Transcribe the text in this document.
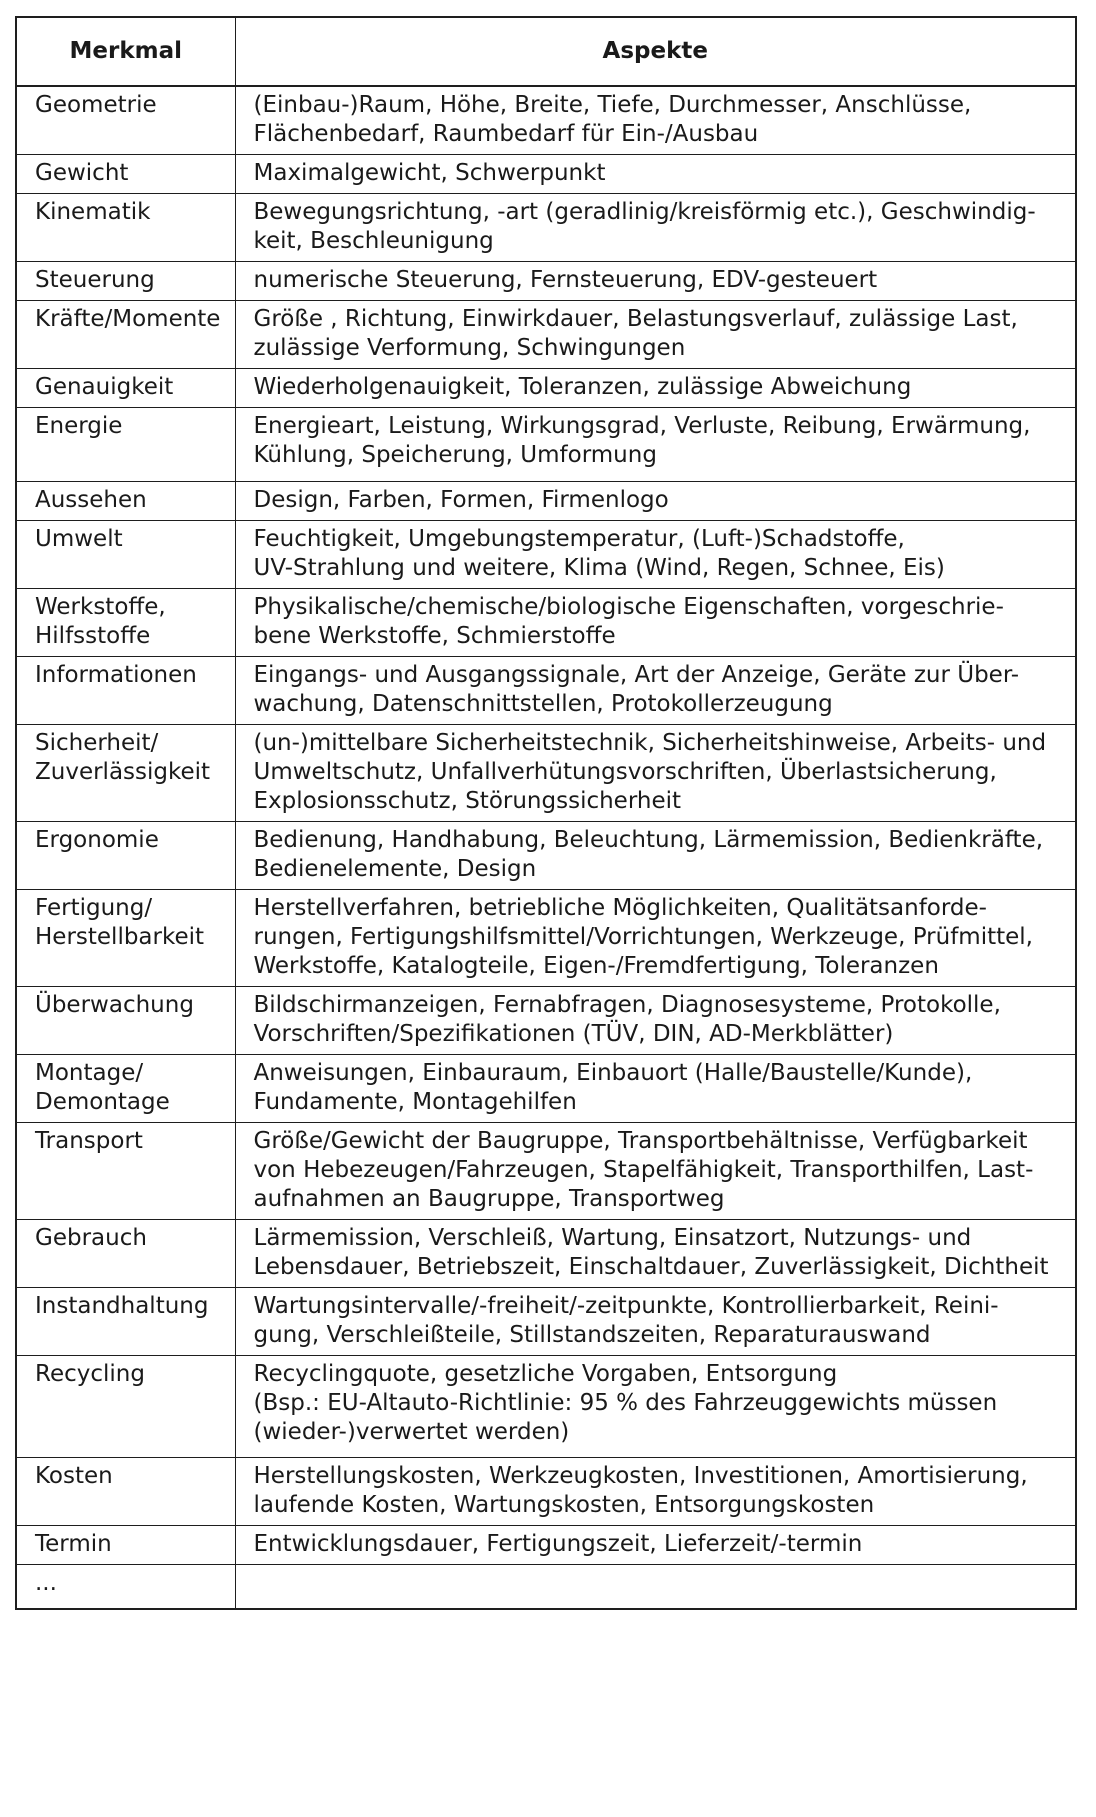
Merkmal	Aspekte

Geometrie	(Einbau-)Raum, Höhe, Breite, Tiefe, Durchmesser, Anschlüsse,
Flächenbedarf, Raumbedarf für Ein-/Ausbau

Gewicht	Maximalgewicht, Schwerpunkt

Kinematik	Bewegungsrichtung, -art (geradlinig/kreisförmig etc.), Geschwindig-
keit, Beschleunigung

Steuerung	numerische Steuerung, Fernsteuerung, EDV-gesteuert

Kräfte/Momente	Größe , Richtung, Einwirkdauer, Belastungsverlauf, zulässige Last,
zulässige Verformung, Schwingungen

Genauigkeit	Wiederholgenauigkeit, Toleranzen, zulässige Abweichung

Energie	Energieart, Leistung, Wirkungsgrad, Verluste, Reibung, Erwärmung,
Kühlung, Speicherung, Umformung

Aussehen	Design, Farben, Formen, Firmenlogo

Umwelt	Feuchtigkeit, Umgebungstemperatur, (Luft-)Schadstoffe,
UV-Strahlung und weitere, Klima (Wind, Regen, Schnee, Eis)

Werkstoffe,
Hilfsstoffe	Physikalische/chemische/biologische Eigenschaften, vorgeschrie-
bene Werkstoffe, Schmierstoffe

Informationen	Eingangs- und Ausgangssignale, Art der Anzeige, Geräte zur Über-
wachung, Datenschnittstellen, Protokollerzeugung

Sicherheit/
Zuverlässigkeit	(un-)mittelbare Sicherheitstechnik, Sicherheitshinweise, Arbeits- und
Umweltschutz, Unfallverhütungsvorschriften, Überlastsicherung,
Explosionsschutz, Störungssicherheit

Ergonomie	Bedienung, Handhabung, Beleuchtung, Lärmemission, Bedienkräfte,
Bedienelemente, Design

Fertigung/
Herstellbarkeit	Herstellverfahren, betriebliche Möglichkeiten, Qualitätsanforde-
rungen, Fertigungshilfsmittel/Vorrichtungen, Werkzeuge, Prüfmittel,
Werkstoffe, Katalogteile, Eigen-/Fremdfertigung, Toleranzen

Überwachung	Bildschirmanzeigen, Fernabfragen, Diagnosesysteme, Protokolle,
Vorschriften/Spezifikationen (TÜV, DIN, AD-Merkblätter)

Montage/
Demontage	Anweisungen, Einbauraum, Einbauort (Halle/Baustelle/Kunde),
Fundamente, Montagehilfen

Transport	Größe/Gewicht der Baugruppe, Transportbehältnisse, Verfügbarkeit
von Hebezeugen/Fahrzeugen, Stapelfähigkeit, Transporthilfen, Last-
aufnahmen an Baugruppe, Transportweg

Gebrauch	Lärmemission, Verschleiß, Wartung, Einsatzort, Nutzungs- und
Lebensdauer, Betriebszeit, Einschaltdauer, Zuverlässigkeit, Dichtheit

Instandhaltung	Wartungsintervalle/-freiheit/-zeitpunkte, Kontrollierbarkeit, Reini-
gung, Verschleißteile, Stillstandszeiten, Reparaturauswand

Recycling	Recyclingquote, gesetzliche Vorgaben, Entsorgung
(Bsp.: EU-Altauto-Richtlinie: 95 % des Fahrzeuggewichts müssen
(wieder-)verwertet werden)

Kosten	Herstellungskosten, Werkzeugkosten, Investitionen, Amortisierung,
laufende Kosten, Wartungskosten, Entsorgungskosten

Termin	Entwicklungsdauer, Fertigungszeit, Lieferzeit/-termin

...	
